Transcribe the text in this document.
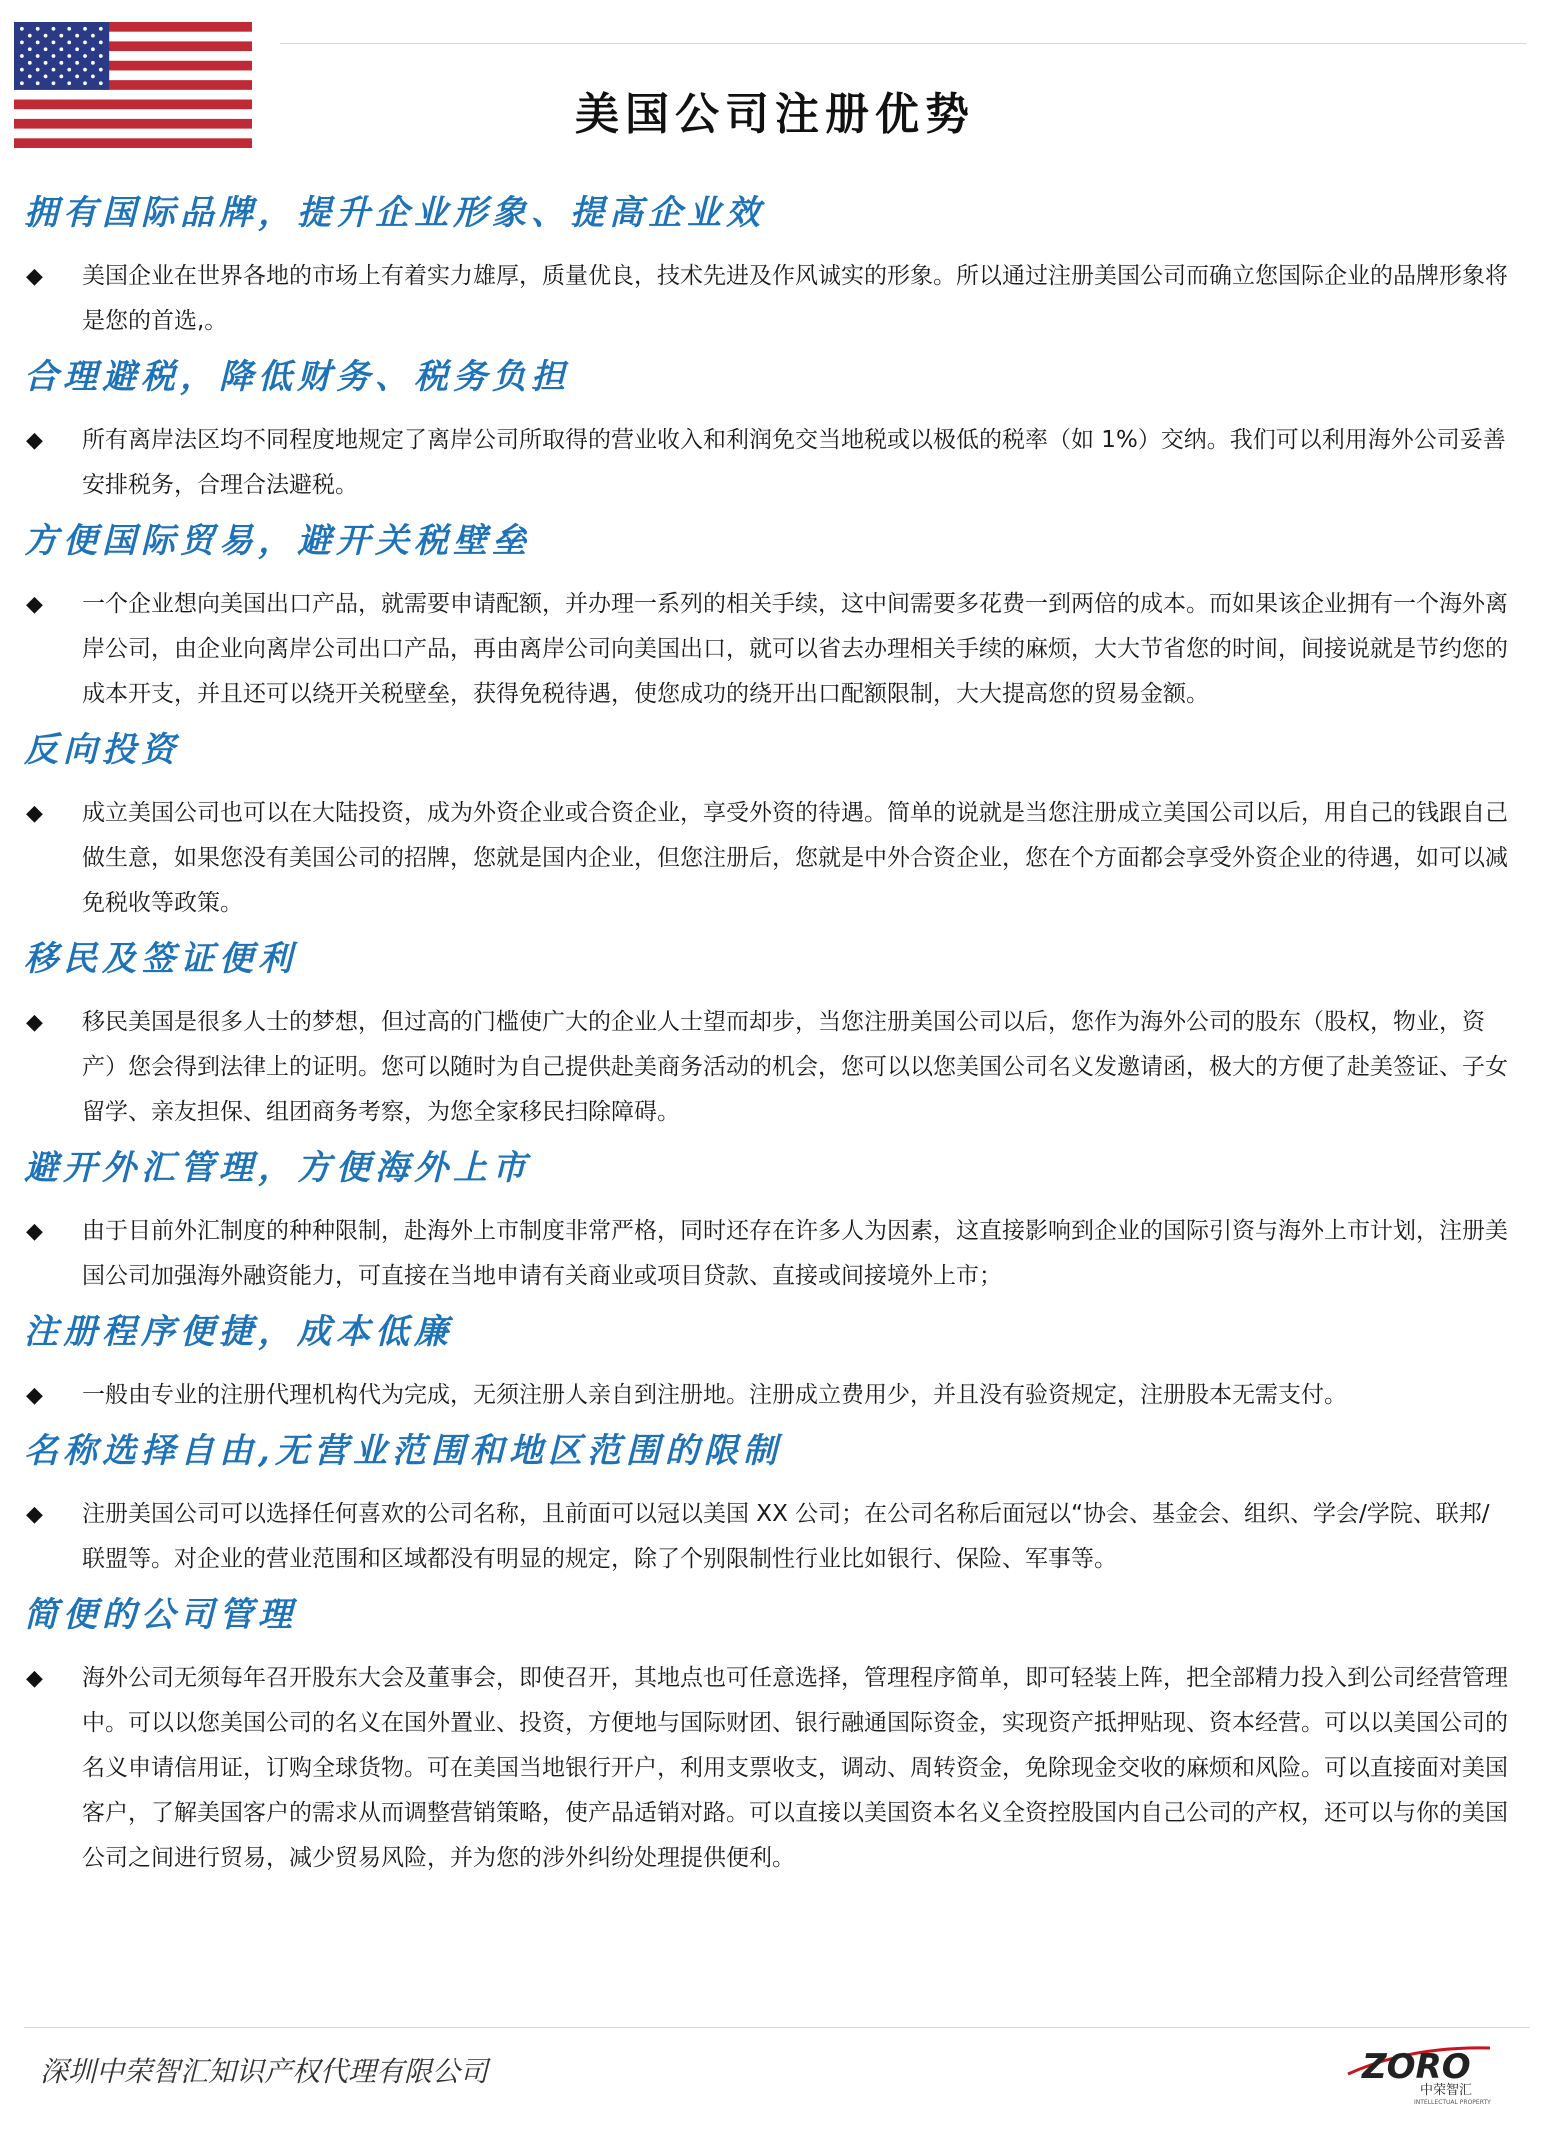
美国公司注册优势
拥有国际品牌，提升企业形象、提高企业效
◆	美国企业在世界各地的市场上有着实力雄厚，质量优良，技术先进及作风诚实的形象。所以通过注册美国公司而确立您国际企业的品牌形象将是您的首选,。
合理避税，降低财务、税务负担
◆	所有离岸法区均不同程度地规定了离岸公司所取得的营业收入和利润免交当地税或以极低的税率（如 1%）交纳。我们可以利用海外公司妥善安排税务，合理合法避税。
方便国际贸易，避开关税壁垒
◆	一个企业想向美国出口产品，就需要申请配额，并办理一系列的相关手续，这中间需要多花费一到两倍的成本。而如果该企业拥有一个海外离岸公司，由企业向离岸公司出口产品，再由离岸公司向美国出口，就可以省去办理相关手续的麻烦，大大节省您的时间，间接说就是节约您的成本开支，并且还可以绕开关税壁垒，获得免税待遇，使您成功的绕开出口配额限制，大大提高您的贸易金额。
反向投资
◆	成立美国公司也可以在大陆投资，成为外资企业或合资企业，享受外资的待遇。简单的说就是当您注册成立美国公司以后，用自己的钱跟自己做生意，如果您没有美国公司的招牌，您就是国内企业，但您注册后，您就是中外合资企业，您在个方面都会享受外资企业的待遇，如可以减免税收等政策。
移民及签证便利
◆	移民美国是很多人士的梦想，但过高的门槛使广大的企业人士望而却步，当您注册美国公司以后，您作为海外公司的股东（股权，物业，资产）您会得到法律上的证明。您可以随时为自己提供赴美商务活动的机会，您可以以您美国公司名义发邀请函，极大的方便了赴美签证、子女留学、亲友担保、组团商务考察，为您全家移民扫除障碍。
避开外汇管理，方便海外上市
◆	由于目前外汇制度的种种限制，赴海外上市制度非常严格，同时还存在许多人为因素，这直接影响到企业的国际引资与海外上市计划，注册美国公司加强海外融资能力，可直接在当地申请有关商业或项目贷款、直接或间接境外上市；
注册程序便捷，成本低廉
◆	一般由专业的注册代理机构代为完成，无须注册人亲自到注册地。注册成立费用少，并且没有验资规定，注册股本无需支付。
名称选择自由,无营业范围和地区范围的限制
◆	注册美国公司可以选择任何喜欢的公司名称，且前面可以冠以美国 XX 公司；在公司名称后面冠以“协会、基金会、组织、学会/学院、联邦/联盟等。对企业的营业范围和区域都没有明显的规定，除了个别限制性行业比如银行、保险、军事等。
简便的公司管理
◆	海外公司无须每年召开股东大会及董事会，即使召开，其地点也可任意选择，管理程序简单，即可轻装上阵，把全部精力投入到公司经营管理中。可以以您美国公司的名义在国外置业、投资，方便地与国际财团、银行融通国际资金，实现资产抵押贴现、资本经营。可以以美国公司的名义申请信用证，订购全球货物。可在美国当地银行开户，利用支票收支，调动、周转资金，免除现金交收的麻烦和风险。可以直接面对美国客户，了解美国客户的需求从而调整营销策略，使产品适销对路。可以直接以美国资本名义全资控股国内自己公司的产权，还可以与你的美国公司之间进行贸易，减少贸易风险，并为您的涉外纠纷处理提供便利。
深圳中荣智汇知识产权代理有限公司	ZORO
中荣智汇
INTELLECTUAL PROPERTY
